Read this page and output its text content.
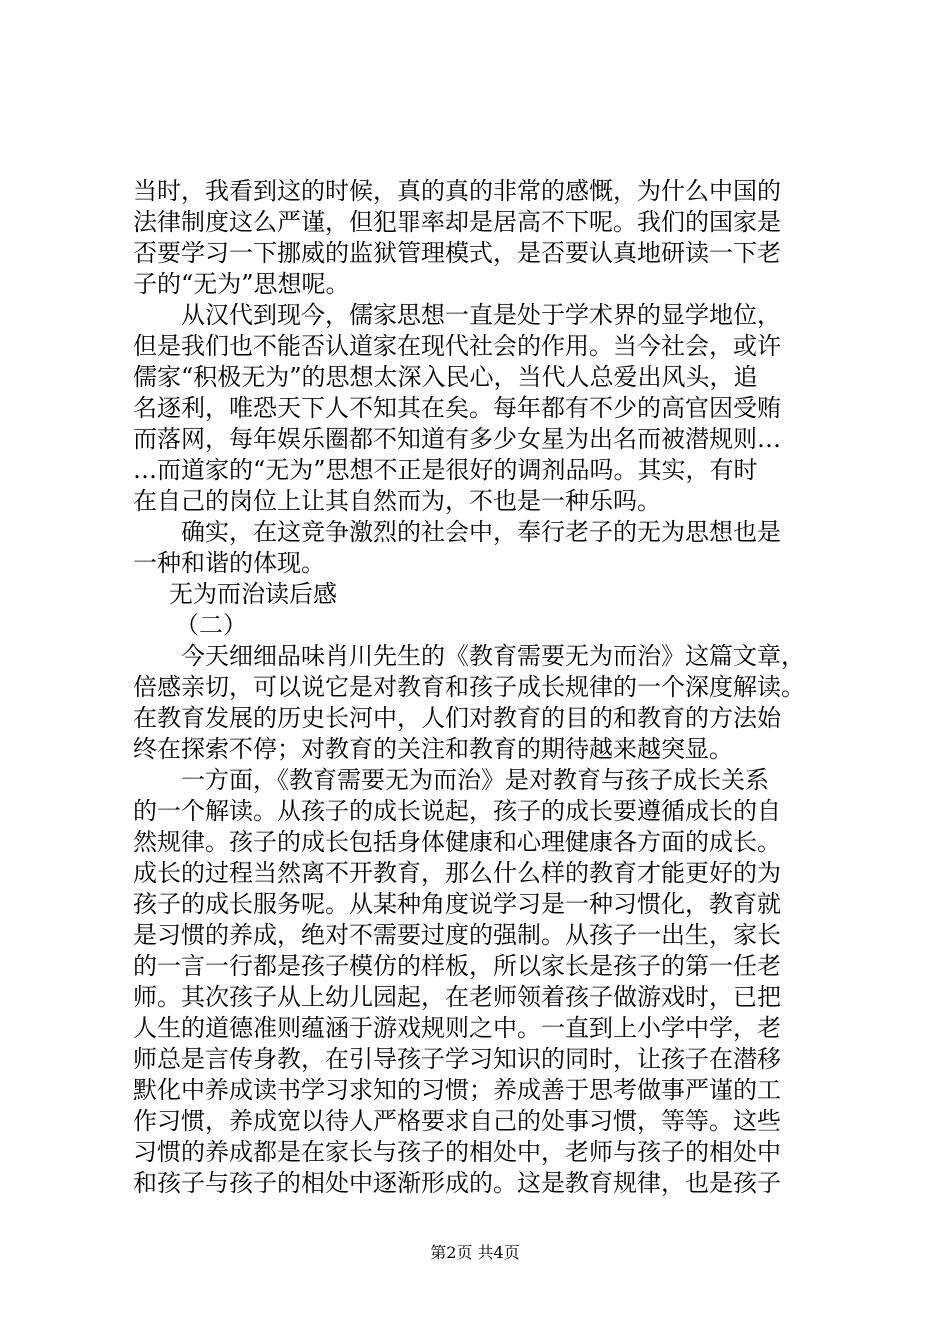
当时，我看到这的时候，真的真的非常的感慨，为什么中国的
法律制度这么严谨，但犯罪率却是居高不下呢。我们的国家是
否要学习一下挪威的监狱管理模式，是否要认真地研读一下老
子的“无为”思想呢。
从汉代到现今，儒家思想一直是处于学术界的显学地位，
但是我们也不能否认道家在现代社会的作用。当今社会，或许
儒家“积极无为”的思想太深入民心，当代人总爱出风头，追
名逐利，唯恐天下人不知其在矣。每年都有不少的高官因受贿
而落网，每年娱乐圈都不知道有多少女星为出名而被潜规则…
…而道家的“无为”思想不正是很好的调剂品吗。其实，有时
在自己的岗位上让其自然而为，不也是一种乐吗。
确实，在这竞争激烈的社会中，奉行老子的无为思想也是
一种和谐的体现。
无为而治读后感
（二）
今天细细品味肖川先生的《教育需要无为而治》这篇文章，
倍感亲切，可以说它是对教育和孩子成长规律的一个深度解读。
在教育发展的历史长河中，人们对教育的目的和教育的方法始
终在探索不停；对教育的关注和教育的期待越来越突显。
一方面，《教育需要无为而治》是对教育与孩子成长关系
的一个解读。从孩子的成长说起，孩子的成长要遵循成长的自
然规律。孩子的成长包括身体健康和心理健康各方面的成长。
成长的过程当然离不开教育，那么什么样的教育才能更好的为
孩子的成长服务呢。从某种角度说学习是一种习惯化，教育就
是习惯的养成，绝对不需要过度的强制。从孩子一出生，家长
的一言一行都是孩子模仿的样板，所以家长是孩子的第一任老
师。其次孩子从上幼儿园起，在老师领着孩子做游戏时，已把
人生的道德准则蕴涵于游戏规则之中。一直到上小学中学，老
师总是言传身教，在引导孩子学习知识的同时，让孩子在潜移
默化中养成读书学习求知的习惯；养成善于思考做事严谨的工
作习惯，养成宽以待人严格要求自己的处事习惯，等等。这些
习惯的养成都是在家长与孩子的相处中，老师与孩子的相处中
和孩子与孩子的相处中逐渐形成的。这是教育规律，也是孩子
第2页 共4页
